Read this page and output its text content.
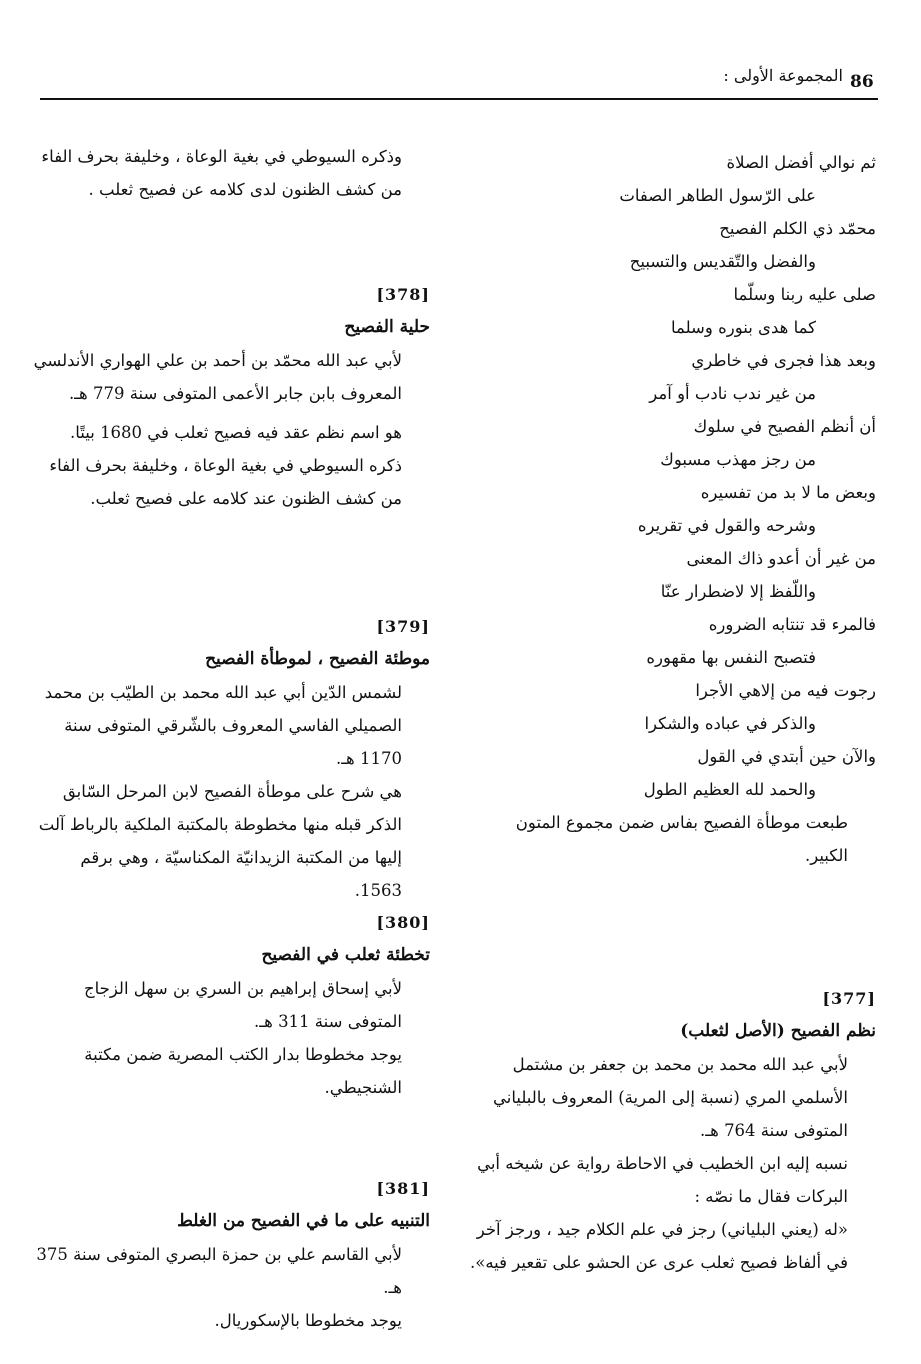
86
المجموعة الأولى :

وذكره السيوطي في بغية الوعاة ، وخليفة بحرف الفاء من كشف الظنون لدى كلامه عن فصيح ثعلب .

[378]
حلية الفصيح

لأبي عبد الله محمّد بن أحمد بن علي الهواري الأندلسي المعروف بابن جابر الأعمى المتوفى سنة 779 هـ.

هو اسم نظم عقد فيه فصيح ثعلب في 1680 بيتًا.

ذكره السيوطي في بغية الوعاة ، وخليفة بحرف الفاء من كشف الظنون عند كلامه على فصيح ثعلب.

[379]
موطئة الفصيح ، لموطأة الفصيح

لشمس الدّين أبي عبد الله محمد بن الطيّب بن محمد الصميلي الفاسي المعروف بالشّرقي المتوفى سنة 1170 هـ.

هي شرح على موطأة الفصيح لابن المرحل السّابق الذكر قبله منها مخطوطة بالمكتبة الملكية بالرباط آلت إليها من المكتبة الزيدانيّة المكناسيّة ، وهي برقم 1563.

[380]
تخطئة ثعلب في الفصيح

لأبي إسحاق إبراهيم بن السري بن سهل الزجاج المتوفى سنة 311 هـ.

يوجد مخطوطا بدار الكتب المصرية ضمن مكتبة الشنجيطي.

[381]
التنبيه على ما في الفصيح من الغلط

لأبي القاسم علي بن حمزة البصري المتوفى سنة 375 هـ.

يوجد مخطوطا بالإسكوريال.

ثم نوالي أفضل الصلاة
على الرّسول الطاهر الصفات
محمّد ذي الكلم الفصيح
والفضل والتّقديس والتسبيح
صلى عليه ربنا وسلّما
كما هدى بنوره وسلما
وبعد هذا فجرى في خاطري
من غير ندب نادب أو آمر
أن أنظم الفصيح في سلوك
من رجز مهذب مسبوك
وبعض ما لا بد من تفسيره
وشرحه والقول في تقريره
من غير أن أعدو ذاك المعنى
واللّفظ إلا لاضطرار عنّا
فالمرء قد تنتابه الضروره
فتصبح النفس بها مقهوره
رجوت فيه من إلاهي الأجرا
والذكر في عباده والشكرا
والآن حين أبتدي في القول
والحمد لله العظيم الطول

طبعت موطأة الفصيح بفاس ضمن مجموع المتون الكبير.

[377]
نظم الفصيح (الأصل لثعلب)

لأبي عبد الله محمد بن محمد بن جعفر بن مشتمل الأسلمي المري (نسبة إلى المرية) المعروف بالبلياني المتوفى سنة 764 هـ.

نسبه إليه ابن الخطيب في الاحاطة رواية عن شيخه أبي البركات فقال ما نصّه :

«له (يعني البلياني) رجز في علم الكلام جيد ، ورجز آخر في ألفاظ فصيح ثعلب عرى عن الحشو على تقعير فيه».
